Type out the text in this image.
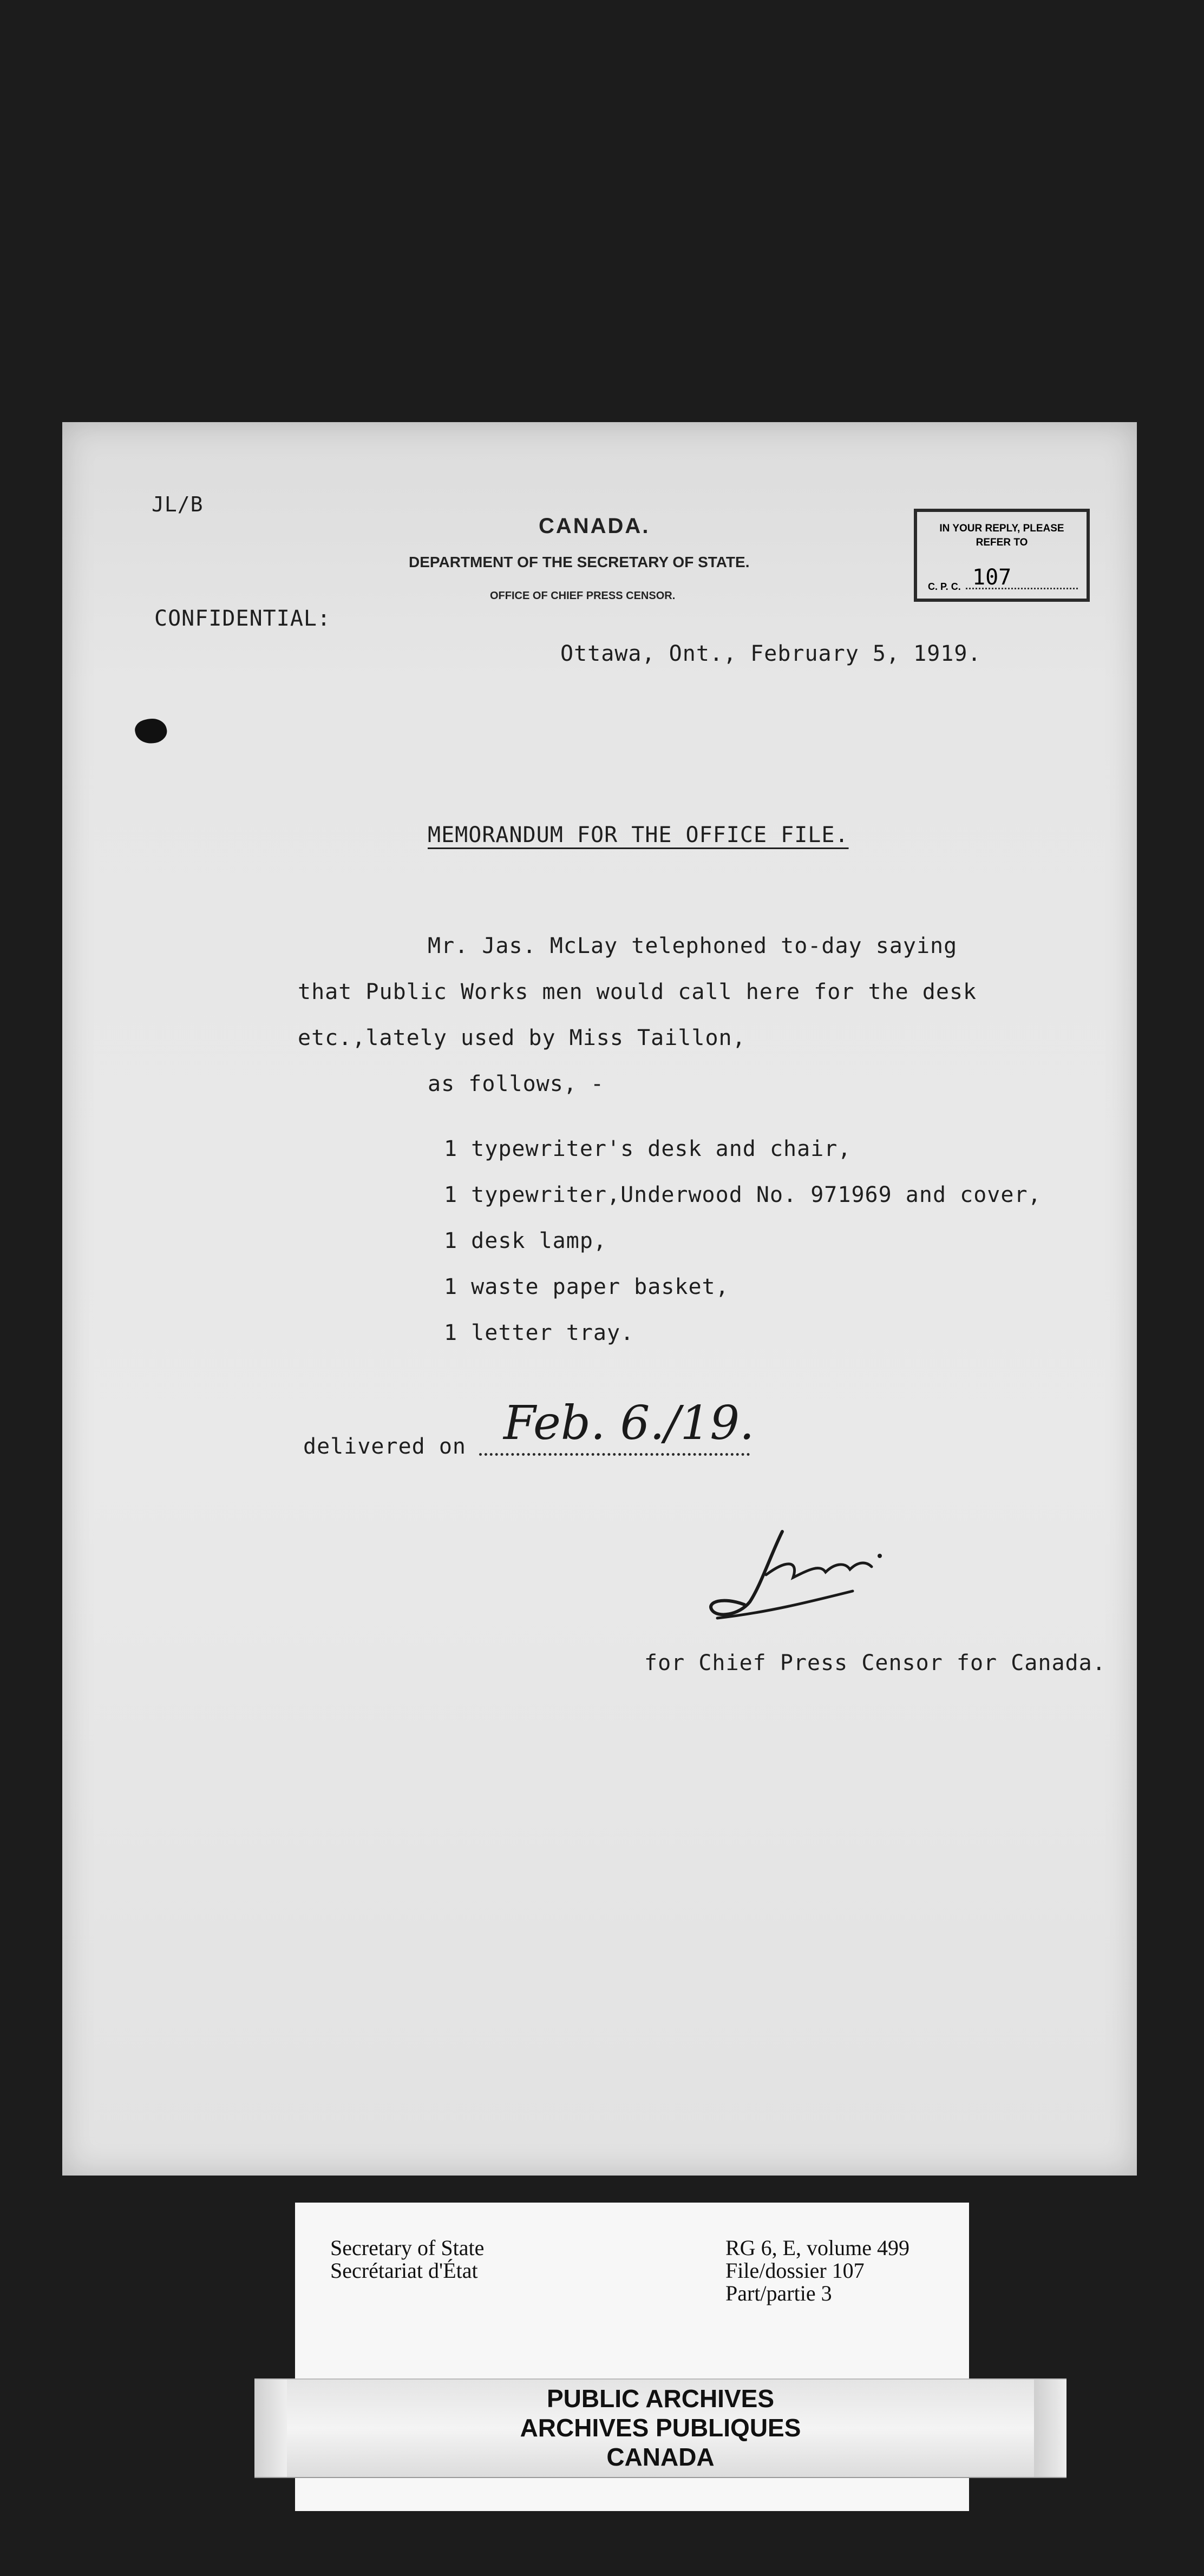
JL/B
CANADA.
DEPARTMENT OF THE SECRETARY OF STATE.
OFFICE OF CHIEF PRESS CENSOR.
IN YOUR REPLY, PLEASE
REFER TO
C. P. C. 107
CONFIDENTIAL:
Ottawa, Ont., February 5, 1919.
MEMORANDUM FOR THE OFFICE FILE.
Mr. Jas. McLay telephoned to-day saying
that Public Works men would call here for the desk
etc.,lately used by Miss Taillon,
as follows, -
1 typewriter's desk and chair,
1 typewriter,Underwood No. 971969 and cover,
1 desk lamp,
1 waste paper basket,
1 letter tray.
delivered on Feb. 6./19.
for Chief Press Censor for Canada.
Secretary of State
Secrétariat d'État
RG 6, E, volume 499
File/dossier 107
Part/partie 3
PUBLIC ARCHIVES
ARCHIVES PUBLIQUES
CANADA
